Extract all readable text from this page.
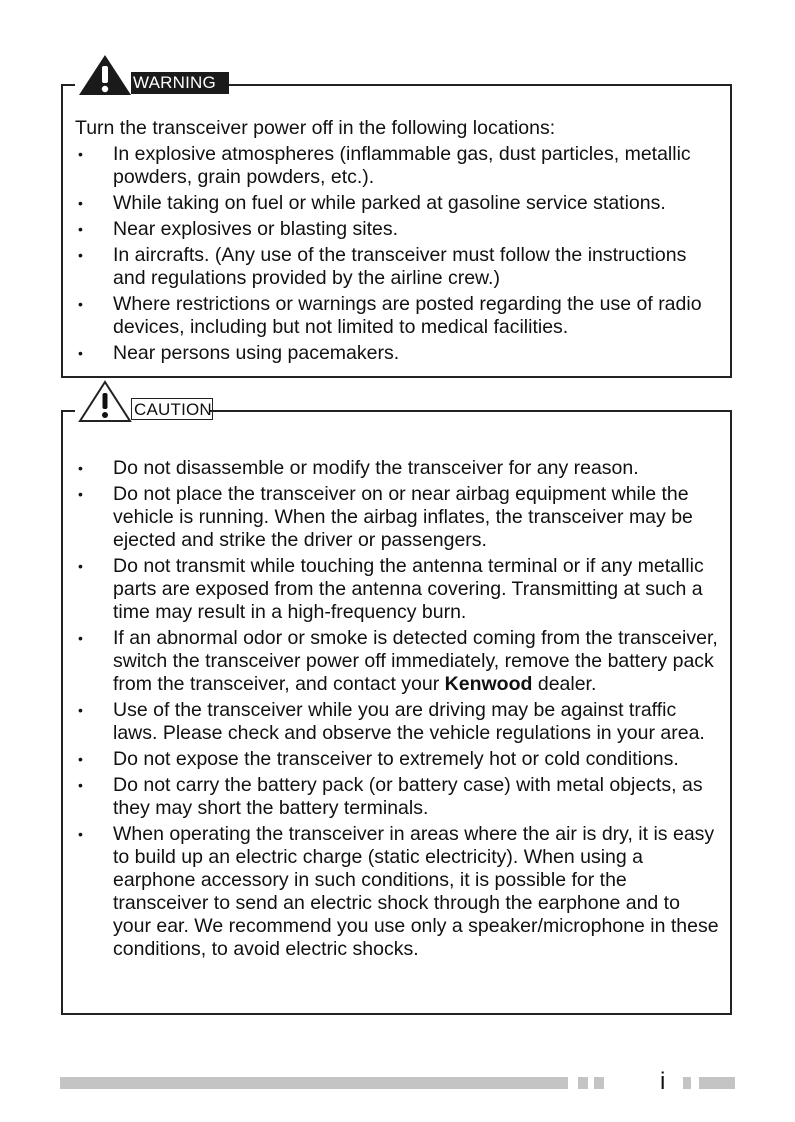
WARNING
Turn the transceiver power off in the following locations:
• In explosive atmospheres (inflammable gas, dust particles, metallic powders, grain powders, etc.).
• While taking on fuel or while parked at gasoline service stations.
• Near explosives or blasting sites.
• In aircrafts. (Any use of the transceiver must follow the instructions and regulations provided by the airline crew.)
• Where restrictions or warnings are posted regarding the use of radio devices, including but not limited to medical facilities.
• Near persons using pacemakers.
CAUTION
• Do not disassemble or modify the transceiver for any reason.
• Do not place the transceiver on or near airbag equipment while the vehicle is running. When the airbag inflates, the transceiver may be ejected and strike the driver or passengers.
• Do not transmit while touching the antenna terminal or if any metallic parts are exposed from the antenna covering. Transmitting at such a time may result in a high-frequency burn.
• If an abnormal odor or smoke is detected coming from the transceiver, switch the transceiver power off immediately, remove the battery pack from the transceiver, and contact your Kenwood dealer.
• Use of the transceiver while you are driving may be against traffic laws. Please check and observe the vehicle regulations in your area.
• Do not expose the transceiver to extremely hot or cold conditions.
• Do not carry the battery pack (or battery case) with metal objects, as they may short the battery terminals.
• When operating the transceiver in areas where the air is dry, it is easy to build up an electric charge (static electricity). When using a earphone accessory in such conditions, it is possible for the transceiver to send an electric shock through the earphone and to your ear. We recommend you use only a speaker/microphone in these conditions, to avoid electric shocks.
i
